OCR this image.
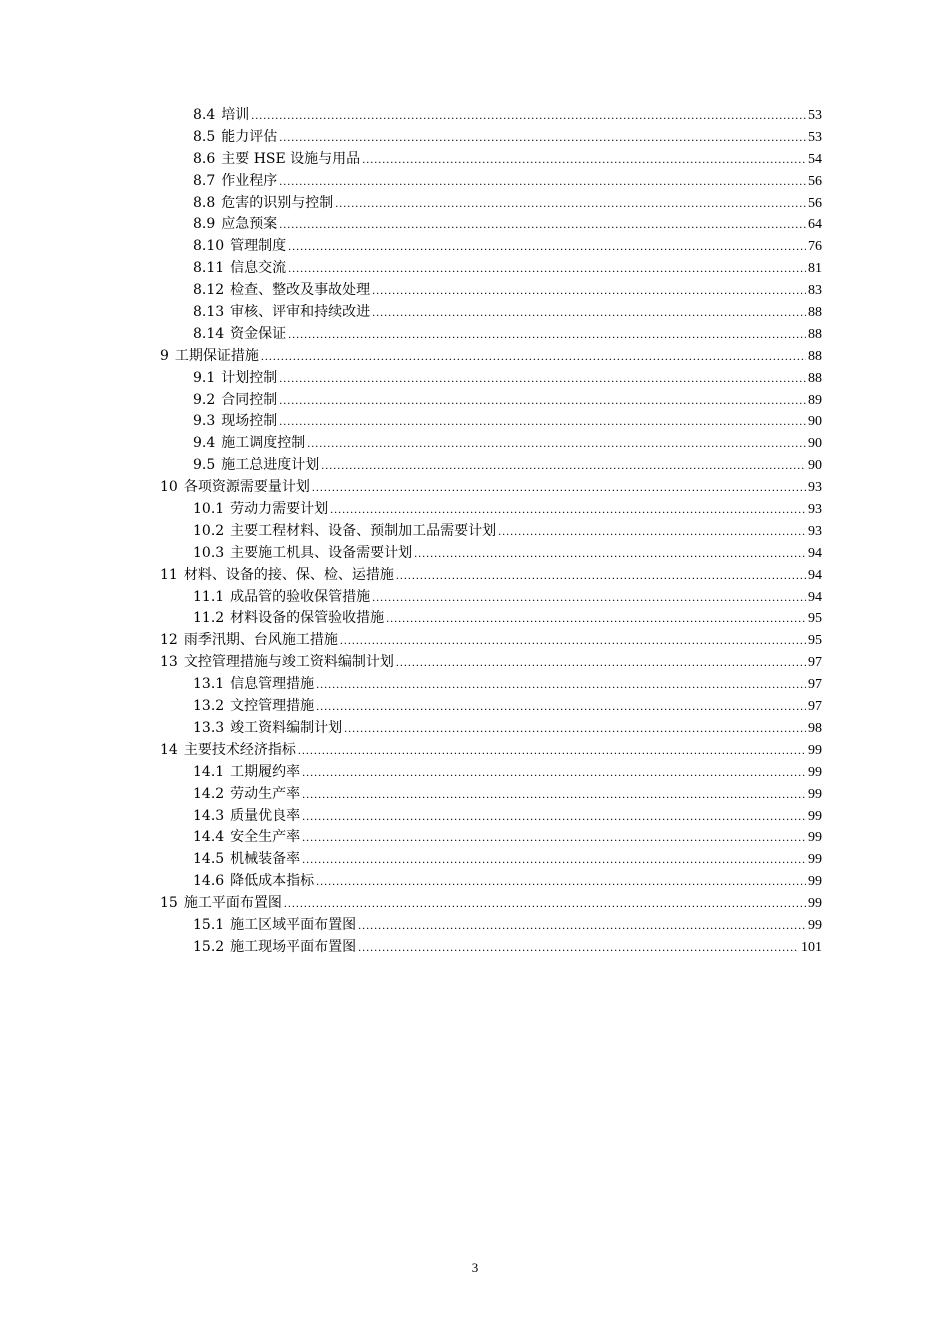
8.4 培训 .....	53
8.5 能力评估 .....	53
8.6 主要 HSE 设施与用品 .....	54
8.7 作业程序 .....	56
8.8 危害的识别与控制 .....	56
8.9 应急预案 .....	64
8.10 管理制度 .....	76
8.11 信息交流 .....	81
8.12 检查、整改及事故处理 .....	83
8.13 审核、评审和持续改进 .....	88
8.14 资金保证 .....	88
9 工期保证措施 .....	88
9.1 计划控制 .....	88
9.2 合同控制 .....	89
9.3 现场控制 .....	90
9.4 施工调度控制 .....	90
9.5 施工总进度计划 .....	90
10 各项资源需要量计划 .....	93
10.1 劳动力需要计划 .....	93
10.2 主要工程材料、设备、预制加工品需要计划 .....	93
10.3 主要施工机具、设备需要计划 .....	94
11 材料、设备的接、保、检、运措施 .....	94
11.1 成品管的验收保管措施 .....	94
11.2 材料设备的保管验收措施 .....	95
12 雨季汛期、台风施工措施 .....	95
13 文控管理措施与竣工资料编制计划 .....	97
13.1 信息管理措施 .....	97
13.2 文控管理措施 .....	97
13.3 竣工资料编制计划 .....	98
14 主要技术经济指标 .....	99
14.1 工期履约率 .....	99
14.2 劳动生产率 .....	99
14.3 质量优良率 .....	99
14.4 安全生产率 .....	99
14.5 机械装备率 .....	99
14.6 降低成本指标 .....	99
15 施工平面布置图 .....	99
15.1 施工区域平面布置图 .....	99
15.2 施工现场平面布置图 .....	101
3
